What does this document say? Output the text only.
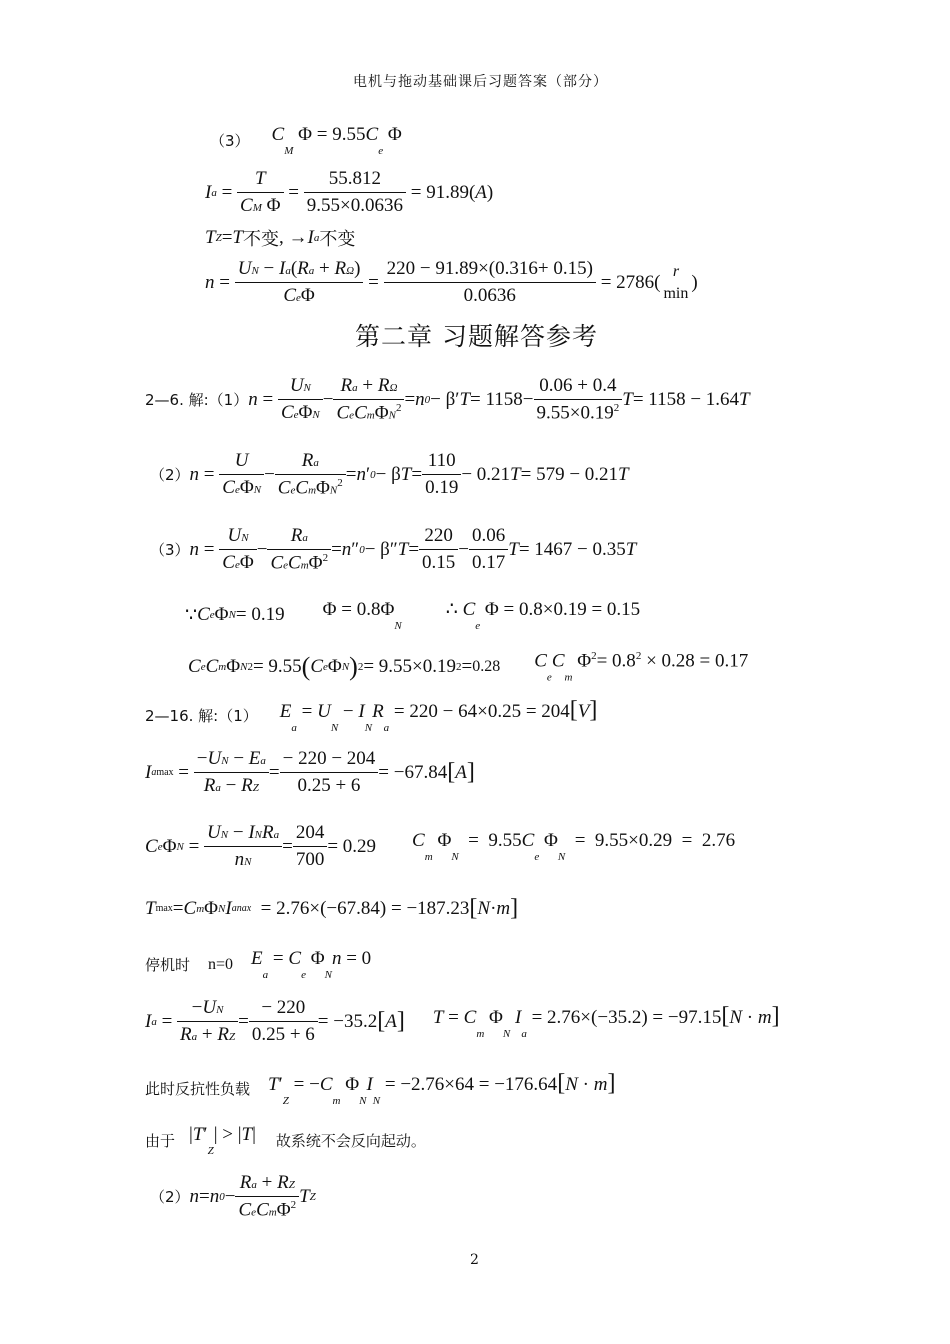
电机与拖动基础课后习题答案（部分）
（3） $C_M$ $\Phi = 9.55C_e$ Φ
I $a = \frac{T}{\text{CM Φ}} = \frac{55.812}{9.55\times 0.0636} = 91.89$( A )
T Z = T 不变 , → I a 不变
$n = \frac{UN - Ia(Ra + R\Omega)}{\text{CeΦ}} = \frac{220 - 91.89\times(0.316+ 0.15)}{0.0636} = 2786$(
r
min
)
第二章 习题解答参考
2—6. 解:（1） $n = \frac{UN}{\text{CeΦN}} - \frac{Ra + R\Omega}{CeCm\Phi N^2} = n$ 0 − β′ $T = 1158- \frac{0.06 + 0.4}{9.55\times 0.19^2}$ T = 1158 − 1.64 T
（2） $n = \frac{U}{\text{CeΦN}} - \frac{Ra}{CeCm\Phi N^2} = n$ ′ 0 − β $T = \frac{110}{0.19} - 0.21$ T = 579 − 0.21 T
（3） $n = \frac{UN}{\text{CeΦ}} - \frac{Ra}{CeCm\Phi^2} = n$ ″ 0 − β″ $T = \frac{220}{0.15} - \frac{0.06}{0.17}$ T = 1467 − 0.35 T
∵ C e Φ N = 0.19 $\Phi = 0.8\Phi_N$
∴ $C_e$ Φ = 0.8×0.19 = 0.15
C e C m Φ N 2 = 9.55 ( C e Φ N ) 2 = 9.55×0.19 2 = 0.28 $C_eC_m$ $\Phi^2= 0.8^2 \times 0.28 = 0.17$
2—16. 解:（1） $E_a = U_N - I_NR_a = 220 - 64\times 0.25 = 204[V]$
I a $\max = \frac{-UN - Ea}{Ra - RZ} = \frac{- 220 - 204}{0.25 + 6} = -67.84$ [ A ]
C e Φ $N = \frac{\text{UN − INRa}}{nN} = \frac{204}{700} = 0.29$ $C_m$ $\Phi_N = 9.55C_e$ $\Phi_N = 9.55\times 0.29 = 2.76$
T max = C m Φ N I anax = 2.76×(−67.84) = −187.23 [ N · m ]
停机时 n=0 $E_a = C_e$ $\Phi_Nn = 0$
I $a = \frac{-UN}{Ra + RZ} = \frac{- 220}{0.25 + 6} = -35.2$ [ A ] $T = C_m$ $\Phi_N$ $I_a = 2.76\times(-35.2) = -97.15[N \cdot m]$
此时反抗性负载 $T'_Z = -C_m$ $\Phi_NI_N = -2.76\times 64 = -176.64[N \cdot m]$
由于 $|T'_Z| > |T|$ 故系统不会反向起动。
（2） n = n $0 - \frac{Ra + RZ}{CeCm\Phi^2}$ T Z
2
